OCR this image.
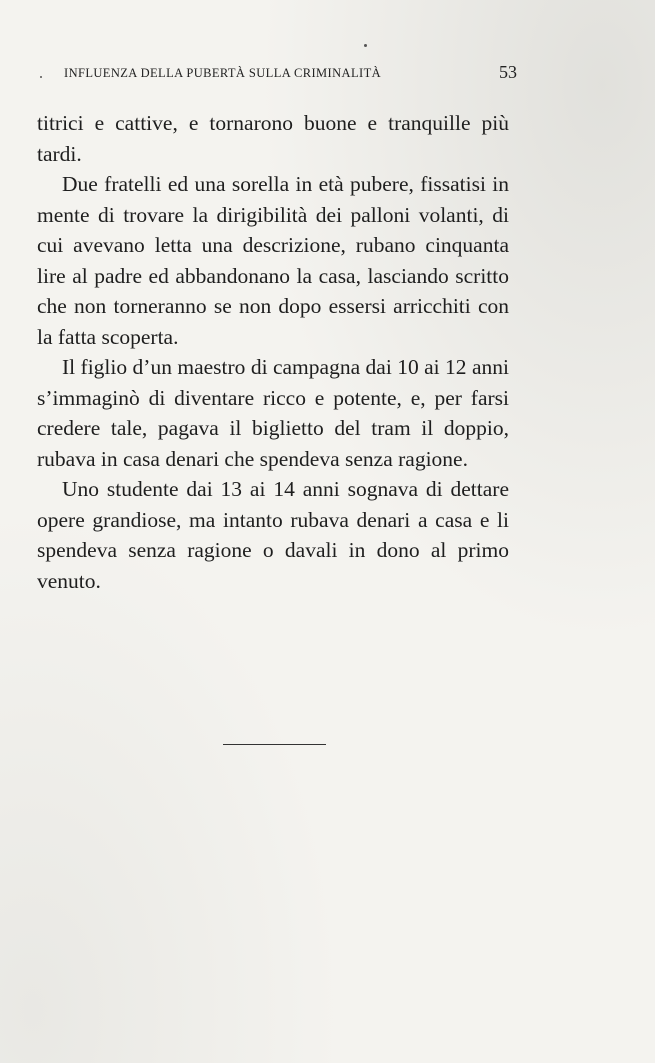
INFLUENZA DELLA PUBERTÀ SULLA CRIMINALITÀ	53

titrici e cattive, e tornarono buone e tranquille più tardi.

Due fratelli ed una sorella in età pubere, fissatisi in mente di trovare la dirigibilità dei palloni volanti, di cui avevano letta una descrizione, rubano cinquanta lire al padre ed abbandonano la casa, lasciando scritto che non torneranno se non dopo essersi arricchiti con la fatta scoperta.

Il figlio d’un maestro di campagna dai 10 ai 12 anni s’immaginò di diventare ricco e potente, e, per farsi credere tale, pagava il biglietto del tram il doppio, rubava in casa denari che spendeva senza ragione.

Uno studente dai 13 ai 14 anni sognava di dettare opere grandiose, ma intanto rubava denari a casa e li spendeva senza ragione o davali in dono al primo venuto.
